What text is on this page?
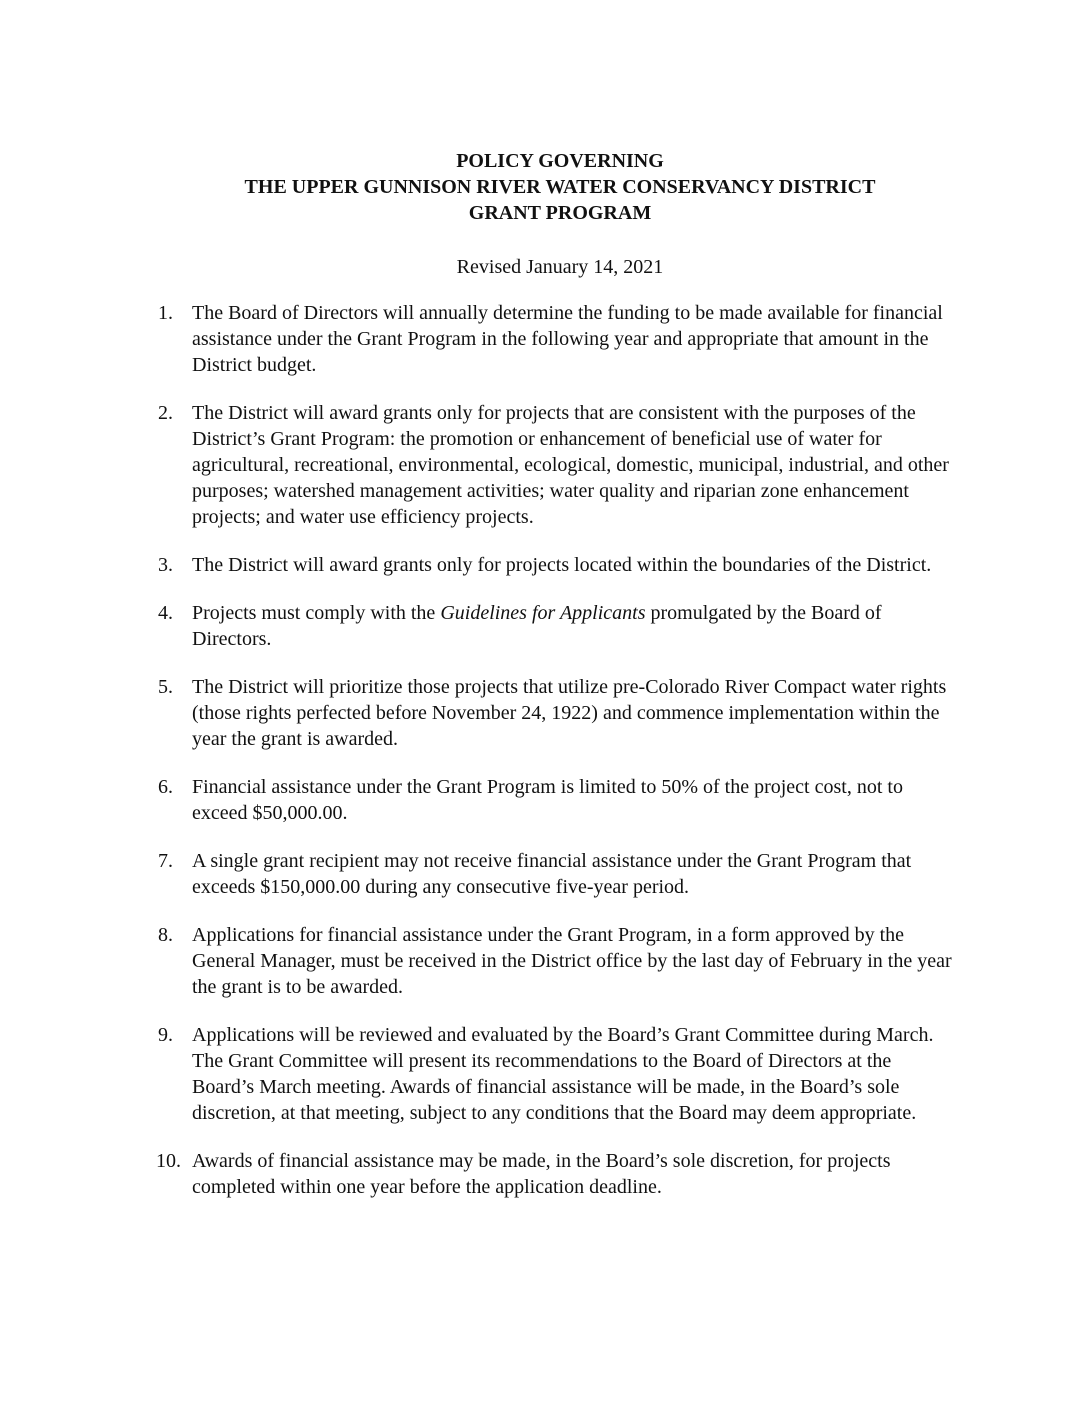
POLICY GOVERNING
THE UPPER GUNNISON RIVER WATER CONSERVANCY DISTRICT
GRANT PROGRAM
Revised January 14, 2021
1. The Board of Directors will annually determine the funding to be made available for financial assistance under the Grant Program in the following year and appropriate that amount in the District budget.
2. The District will award grants only for projects that are consistent with the purposes of the District’s Grant Program: the promotion or enhancement of beneficial use of water for agricultural, recreational, environmental, ecological, domestic, municipal, industrial, and other purposes; watershed management activities; water quality and riparian zone enhancement projects; and water use efficiency projects.
3. The District will award grants only for projects located within the boundaries of the District.
4. Projects must comply with the Guidelines for Applicants promulgated by the Board of Directors.
5. The District will prioritize those projects that utilize pre-Colorado River Compact water rights (those rights perfected before November 24, 1922) and commence implementation within the year the grant is awarded.
6. Financial assistance under the Grant Program is limited to 50% of the project cost, not to exceed $50,000.00.
7. A single grant recipient may not receive financial assistance under the Grant Program that exceeds $150,000.00 during any consecutive five-year period.
8. Applications for financial assistance under the Grant Program, in a form approved by the General Manager, must be received in the District office by the last day of February in the year the grant is to be awarded.
9. Applications will be reviewed and evaluated by the Board’s Grant Committee during March. The Grant Committee will present its recommendations to the Board of Directors at the Board’s March meeting. Awards of financial assistance will be made, in the Board’s sole discretion, at that meeting, subject to any conditions that the Board may deem appropriate.
10. Awards of financial assistance may be made, in the Board’s sole discretion, for projects completed within one year before the application deadline.
